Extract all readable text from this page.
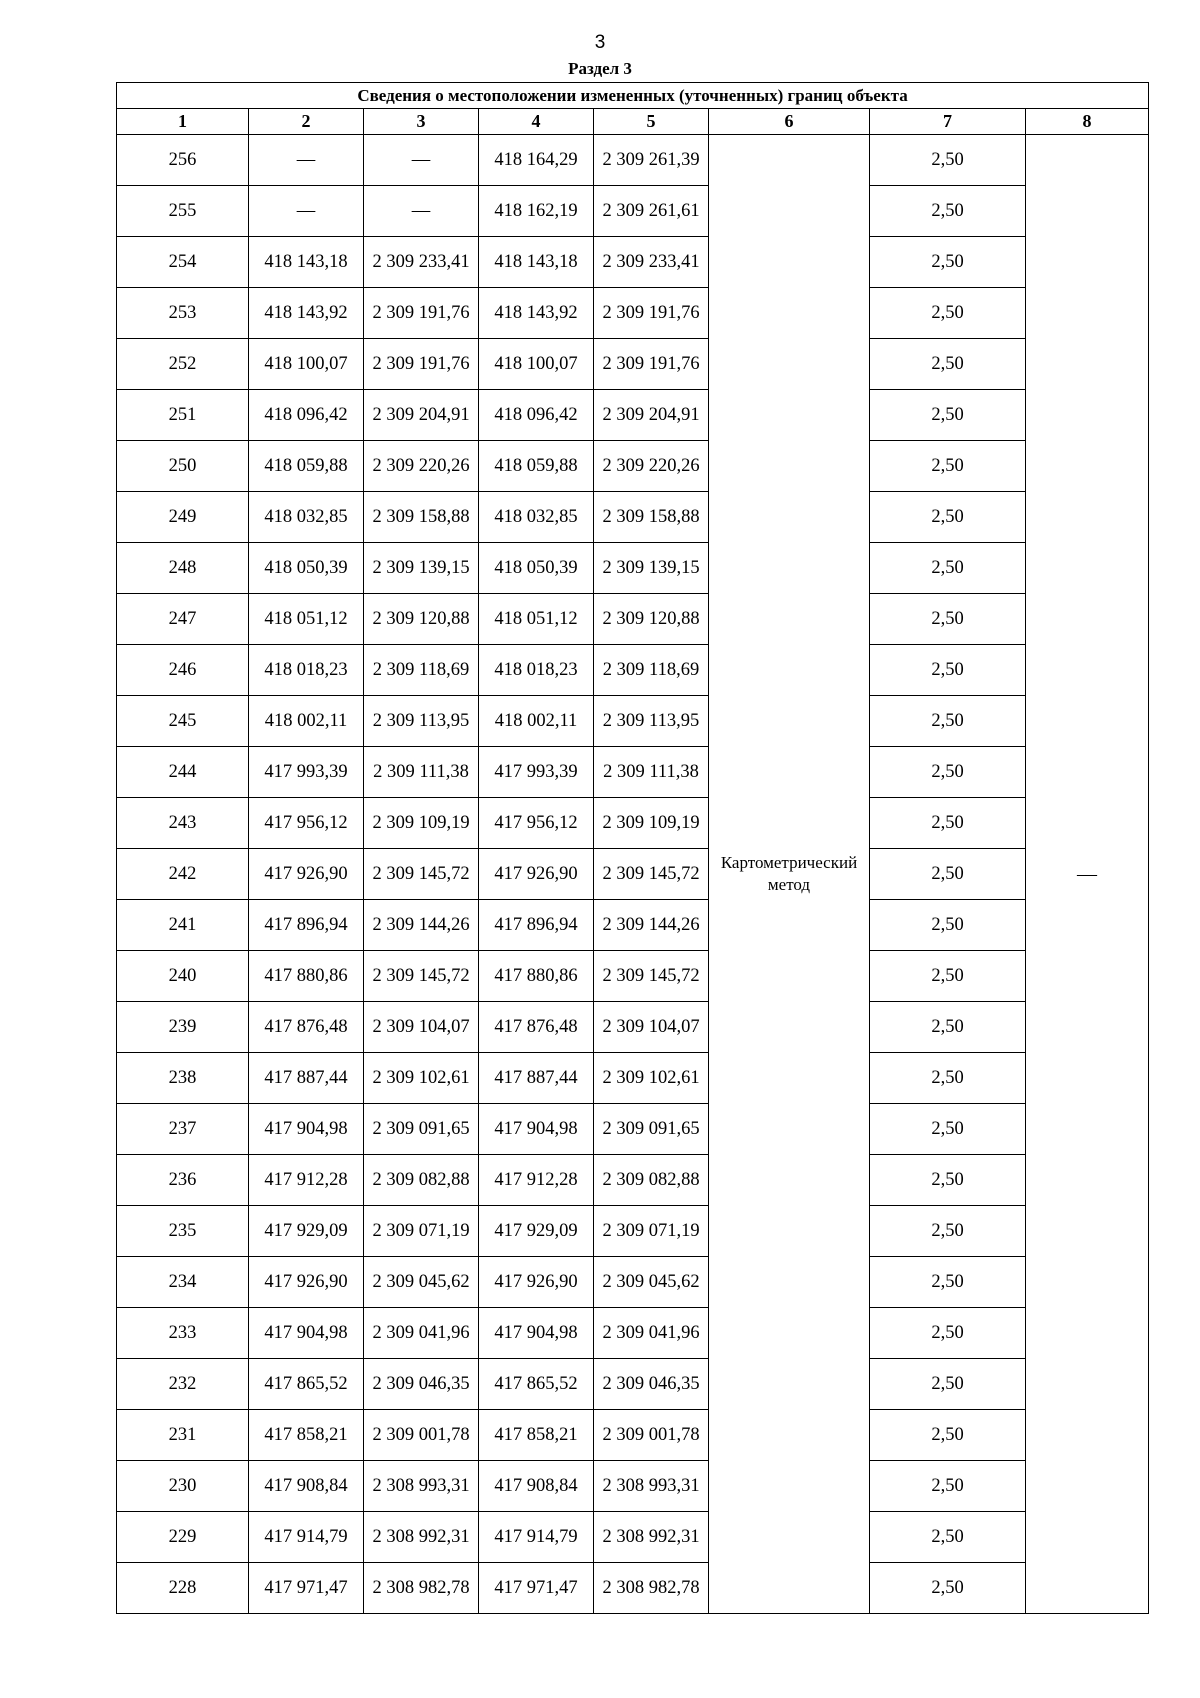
3
Раздел 3
Сведения о местоположении измененных (уточненных) границ объекта							
1	2	3	4	5	6	7	8
256	—	—	418 164,29	2 309 261,39	Картометрический метод	2,50	—
255	—	—	418 162,19	2 309 261,61		2,50	
254	418 143,18	2 309 233,41	418 143,18	2 309 233,41		2,50	
253	418 143,92	2 309 191,76	418 143,92	2 309 191,76		2,50	
252	418 100,07	2 309 191,76	418 100,07	2 309 191,76		2,50	
251	418 096,42	2 309 204,91	418 096,42	2 309 204,91		2,50	
250	418 059,88	2 309 220,26	418 059,88	2 309 220,26		2,50	
249	418 032,85	2 309 158,88	418 032,85	2 309 158,88		2,50	
248	418 050,39	2 309 139,15	418 050,39	2 309 139,15		2,50	
247	418 051,12	2 309 120,88	418 051,12	2 309 120,88		2,50	
246	418 018,23	2 309 118,69	418 018,23	2 309 118,69		2,50	
245	418 002,11	2 309 113,95	418 002,11	2 309 113,95		2,50	
244	417 993,39	2 309 111,38	417 993,39	2 309 111,38		2,50	
243	417 956,12	2 309 109,19	417 956,12	2 309 109,19		2,50	
242	417 926,90	2 309 145,72	417 926,90	2 309 145,72		2,50	
241	417 896,94	2 309 144,26	417 896,94	2 309 144,26		2,50	
240	417 880,86	2 309 145,72	417 880,86	2 309 145,72		2,50	
239	417 876,48	2 309 104,07	417 876,48	2 309 104,07		2,50	
238	417 887,44	2 309 102,61	417 887,44	2 309 102,61		2,50	
237	417 904,98	2 309 091,65	417 904,98	2 309 091,65		2,50	
236	417 912,28	2 309 082,88	417 912,28	2 309 082,88		2,50	
235	417 929,09	2 309 071,19	417 929,09	2 309 071,19		2,50	
234	417 926,90	2 309 045,62	417 926,90	2 309 045,62		2,50	
233	417 904,98	2 309 041,96	417 904,98	2 309 041,96		2,50	
232	417 865,52	2 309 046,35	417 865,52	2 309 046,35		2,50	
231	417 858,21	2 309 001,78	417 858,21	2 309 001,78		2,50	
230	417 908,84	2 308 993,31	417 908,84	2 308 993,31		2,50	
229	417 914,79	2 308 992,31	417 914,79	2 308 992,31		2,50	
228	417 971,47	2 308 982,78	417 971,47	2 308 982,78		2,50	
